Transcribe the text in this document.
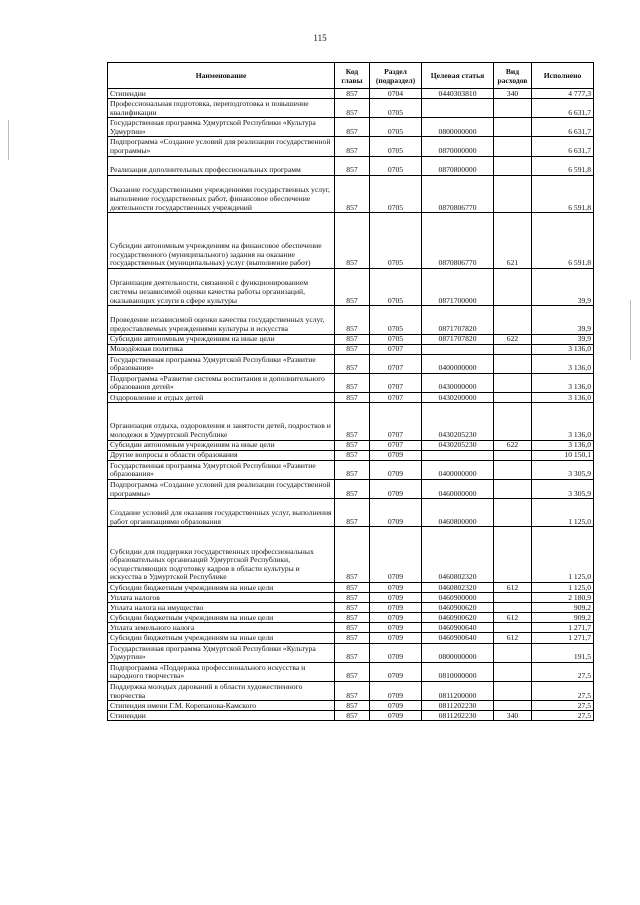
115
Наименование	Код главы	Раздел (подраздел)	Целевая статья	Вид расходов	Исполнено
Стипендии	857	0704	0440303810	340	4 777,3
Профессиональная подготовка, переподготовка и повышение квалификации	857	0705			6 631,7
Государственная программа Удмуртской Республики «Культура Удмуртии»	857	0705	0800000000		6 631,7
Подпрограмма «Создание условий для реализации государственной программы»	857	0705	0870000000		6 631,7
Реализация дополнительных профессиональных программ	857	0705	0870800000		6 591,8
Оказание государственными учреждениями государственных услуг, выполнение государственных работ, финансовое обеспечение деятельности государственных учреждений	857	0705	0870806770		6 591,8
Субсидии автономным учреждениям на финансовое обеспечение государственного (муниципального) задания на оказание государственных (муниципальных) услуг (выполнение работ)	857	0705	0870806770	621	6 591,8
Организация деятельности, связанной с функционированием системы независимой оценки качества работы организаций, оказывающих услуги в сфере культуры	857	0705	0871700000		39,9
Проведение независимой оценки качества государственных услуг, предоставляемых учреждениями культуры и искусства	857	0705	0871707820		39,9
Субсидии автономным учреждениям на иные цели	857	0705	0871707820	622	39,9
Молодёжная политика	857	0707			3 136,0
Государственная программа Удмуртской Республики «Развитие образования»	857	0707	0400000000		3 136,0
Подпрограмма «Развитие системы воспитания и дополнительного образования детей»	857	0707	0430000000		3 136,0
Оздоровление и отдых детей	857	0707	0430200000		3 136,0
Организация отдыха, оздоровления и занятости детей, подростков и молодежи в Удмуртской Республике	857	0707	0430205230		3 136,0
Субсидии автономным учреждениям на иные цели	857	0707	0430205230	622	3 136,0
Другие вопросы в области образования	857	0709			10 150,1
Государственная программа Удмуртской Республики «Развитие образования»	857	0709	0400000000		3 305,9
Подпрограмма «Создание условий для реализации государственной программы»	857	0709	0460000000		3 305,9
Создание условий для оказания государственных услуг, выполнения работ организациями образования	857	0709	0460800000		1 125,0
Субсидии для поддержки государственных профессиональных образовательных организаций Удмуртской Республики, осуществляющих подготовку кадров в области культуры и искусства в Удмуртской Республике	857	0709	0460802320		1 125,0
Субсидии бюджетным учреждениям на иные цели	857	0709	0460802320	612	1 125,0
Уплата налогов	857	0709	0460900000		2 180,9
Уплата налога на имущество	857	0709	0460900620		909,2
Субсидии бюджетным учреждениям на иные цели	857	0709	0460900620	612	909,2
Уплата земельного налога	857	0709	0460900640		1 271,7
Субсидии бюджетным учреждениям на иные цели	857	0709	0460900640	612	1 271,7
Государственная программа Удмуртской Республики «Культура Удмуртии»	857	0709	0800000000		191,5
Подпрограмма «Поддержка профессионального искусства и народного творчества»	857	0709	0810000000		27,5
Поддержка молодых дарований в области художественного творчества	857	0709	0811200000		27,5
Стипендия имени Г.М. Корепанова-Камского	857	0709	0811202230		27,5
Стипендии	857	0709	0811202230	340	27,5
